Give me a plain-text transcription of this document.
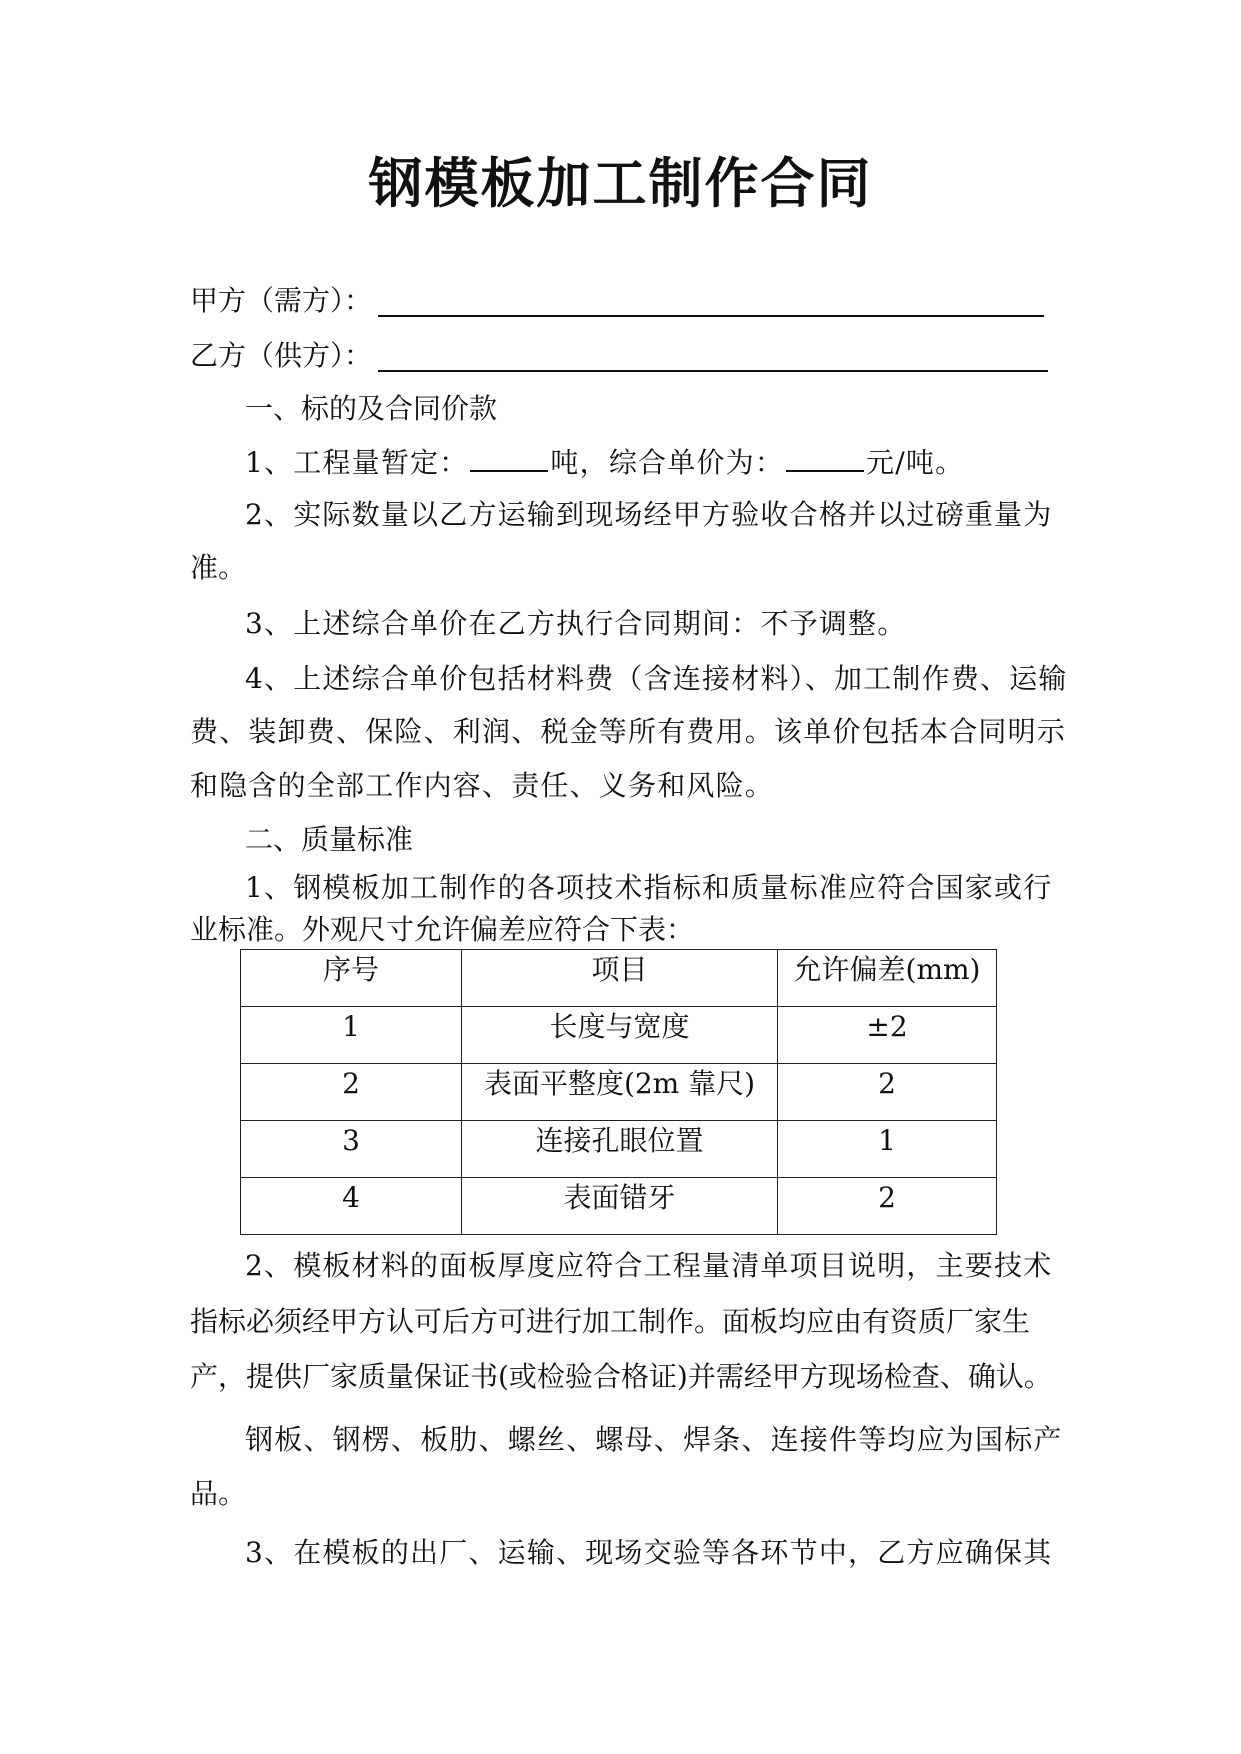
钢模板加工制作合同
甲方（需方）：
乙方（供方）：
一、标的及合同价款
1、工程量暂定：	吨，综合单价为：	元/吨。
2、实际数量以乙方运输到现场经甲方验收合格并以过磅重量为
准。
3、上述综合单价在乙方执行合同期间：不予调整。
4、上述综合单价包括材料费（含连接材料）、加工制作费、运输
费、装卸费、保险、利润、税金等所有费用。该单价包括本合同明示
和隐含的全部工作内容、责任、义务和风险。
二、质量标准
1、钢模板加工制作的各项技术指标和质量标准应符合国家或行
业标准。外观尺寸允许偏差应符合下表：
序号	项目	允许偏差(mm)
1	长度与宽度	±2
2	表面平整度(2m 靠尺)	2
3	连接孔眼位置	1
4	表面错牙	2
2、模板材料的面板厚度应符合工程量清单项目说明，主要技术
指标必须经甲方认可后方可进行加工制作。面板均应由有资质厂家生
产，提供厂家质量保证书(或检验合格证)并需经甲方现场检查、确认。
钢板、钢楞、板肋、螺丝、螺母、焊条、连接件等均应为国标产
品。
3、在模板的出厂、运输、现场交验等各环节中，乙方应确保其
